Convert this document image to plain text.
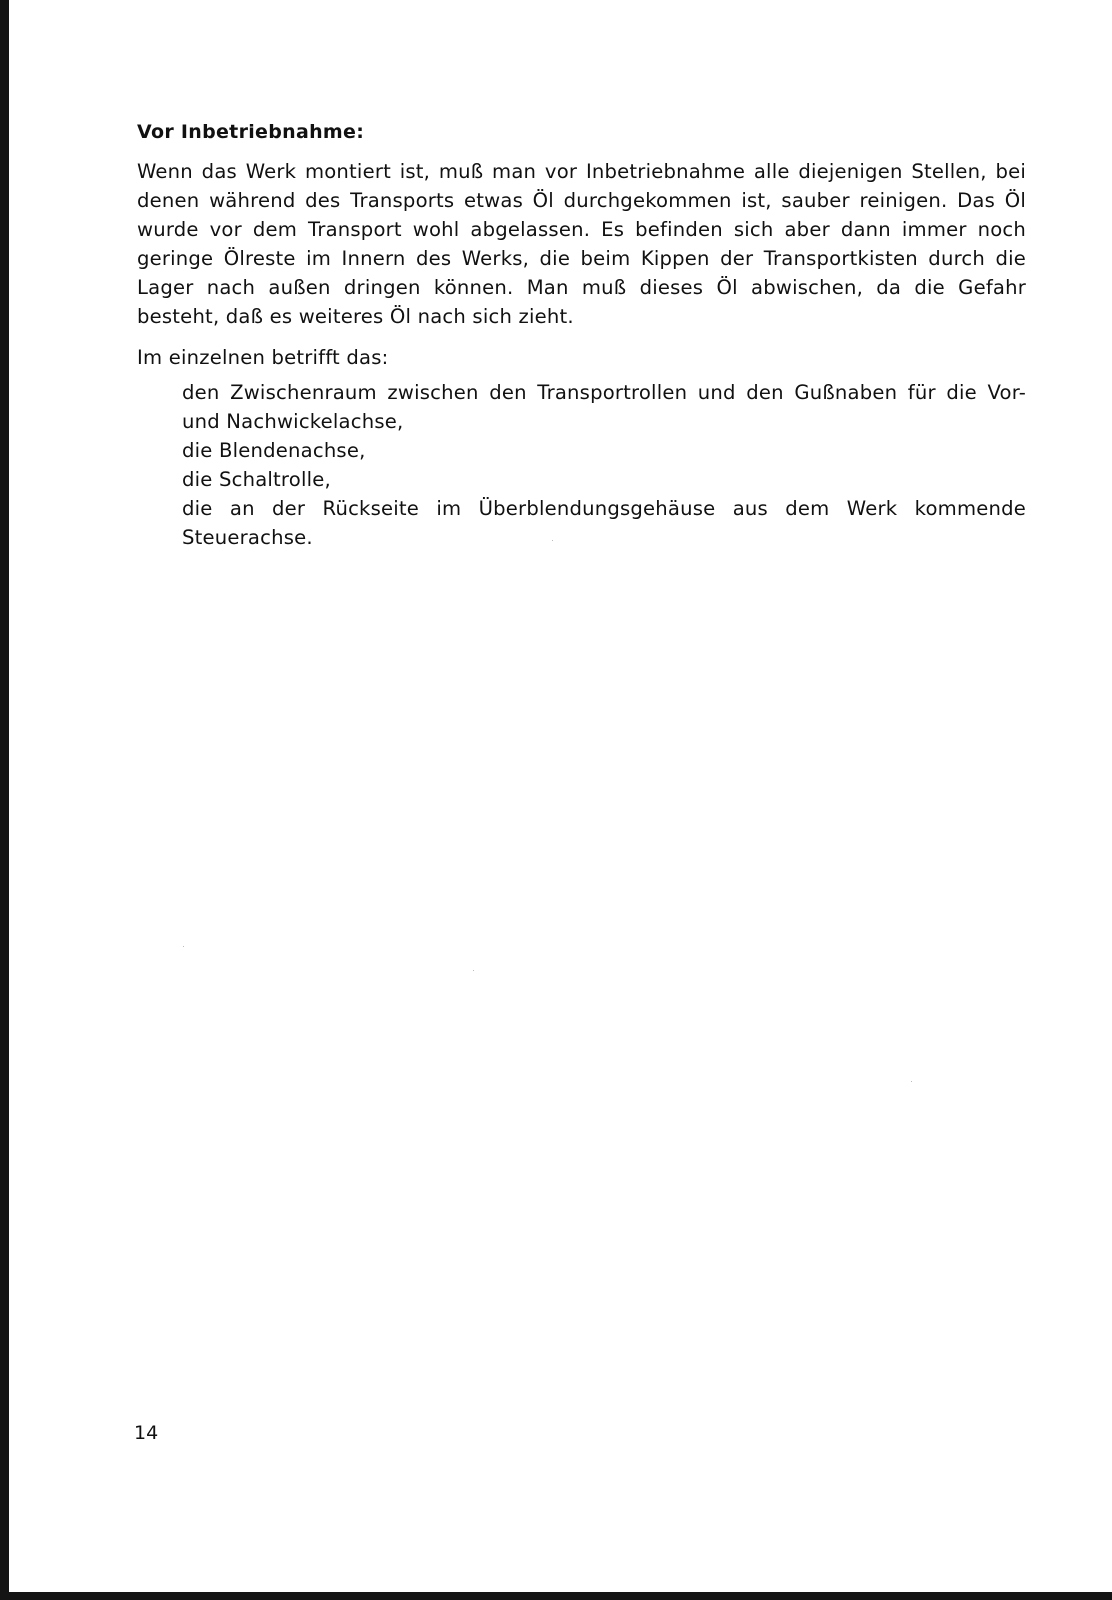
Vor Inbetriebnahme:

Wenn das Werk montiert ist, muß man vor Inbetriebnahme alle diejenigen Stellen, bei denen während des Transports etwas Öl durchgekommen ist, sauber reinigen. Das Öl wurde vor dem Transport wohl abgelassen. Es befinden sich aber dann immer noch geringe Ölreste im Innern des Werks, die beim Kippen der Transportkisten durch die Lager nach außen dringen können. Man muß dieses Öl abwischen, da die Gefahr besteht, daß es weiteres Öl nach sich zieht.

Im einzelnen betrifft das:

den Zwischenraum zwischen den Transportrollen und den Gußnaben für die Vor- und Nachwickelachse,
die Blendenachse,
die Schaltrolle,
die an der Rückseite im Überblendungsgehäuse aus dem Werk kommende Steuerachse.

14
